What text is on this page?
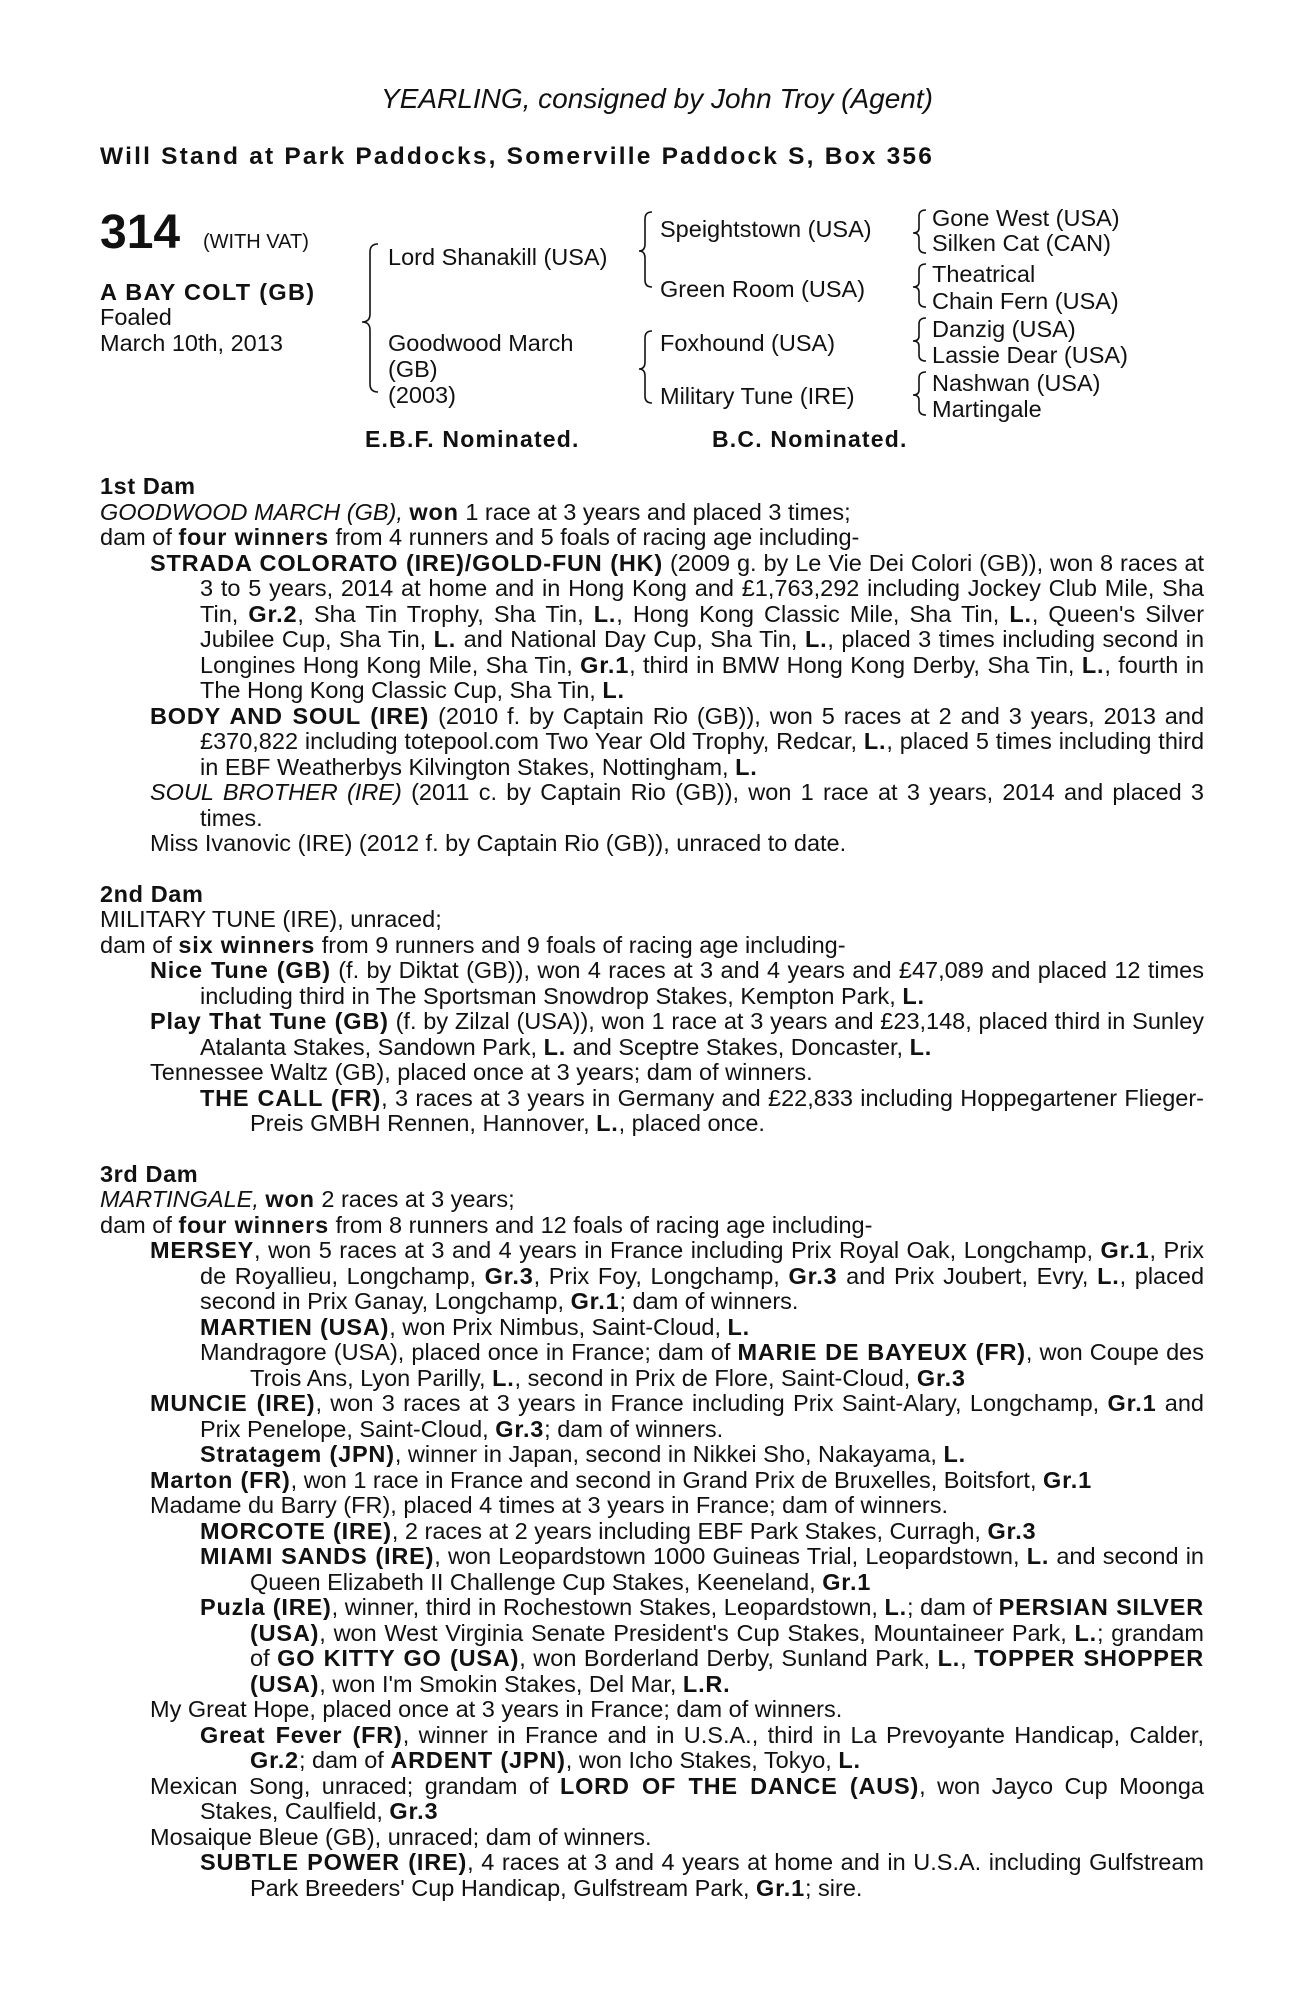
YEARLING, consigned by John Troy (Agent)
Will Stand at Park Paddocks, Somerville Paddock S, Box 356
314 (WITH VAT)
A BAY COLT (GB)
Foaled
March 10th, 2013
Lord Shanakill (USA)
Goodwood March
(GB)
(2003)
Speightstown (USA)
Green Room (USA)
Foxhound (USA)
Military Tune (IRE)
Gone West (USA)
Silken Cat (CAN)
Theatrical
Chain Fern (USA)
Danzig (USA)
Lassie Dear (USA)
Nashwan (USA)
Martingale
E.B.F. Nominated.	B.C. Nominated.

1st Dam

GOODWOOD MARCH (GB), won 1 race at 3 years and placed 3 times;

dam of four winners from 4 runners and 5 foals of racing age including-

STRADA COLORATO (IRE)/GOLD-FUN (HK) (2009 g. by Le Vie Dei Colori (GB)), won 8 races at 3 to 5 years, 2014 at home and in Hong Kong and £1,763,292 including Jockey Club Mile, Sha Tin, Gr.2, Sha Tin Trophy, Sha Tin, L., Hong Kong Classic Mile, Sha Tin, L., Queen's Silver Jubilee Cup, Sha Tin, L. and National Day Cup, Sha Tin, L., placed 3 times including second in Longines Hong Kong Mile, Sha Tin, Gr.1, third in BMW Hong Kong Derby, Sha Tin, L., fourth in The Hong Kong Classic Cup, Sha Tin, L.

BODY AND SOUL (IRE) (2010 f. by Captain Rio (GB)), won 5 races at 2 and 3 years, 2013 and £370,822 including totepool.com Two Year Old Trophy, Redcar, L., placed 5 times including third in EBF Weatherbys Kilvington Stakes, Nottingham, L.

SOUL BROTHER (IRE) (2011 c. by Captain Rio (GB)), won 1 race at 3 years, 2014 and placed 3 times.

Miss Ivanovic (IRE) (2012 f. by Captain Rio (GB)), unraced to date.

2nd Dam

MILITARY TUNE (IRE), unraced;

dam of six winners from 9 runners and 9 foals of racing age including-

Nice Tune (GB) (f. by Diktat (GB)), won 4 races at 3 and 4 years and £47,089 and placed 12 times including third in The Sportsman Snowdrop Stakes, Kempton Park, L.

Play That Tune (GB) (f. by Zilzal (USA)), won 1 race at 3 years and £23,148, placed third in Sunley Atalanta Stakes, Sandown Park, L. and Sceptre Stakes, Doncaster, L.

Tennessee Waltz (GB), placed once at 3 years; dam of winners.

THE CALL (FR), 3 races at 3 years in Germany and £22,833 including Hoppegartener Flieger-Preis GMBH Rennen, Hannover, L., placed once.

3rd Dam

MARTINGALE, won 2 races at 3 years;

dam of four winners from 8 runners and 12 foals of racing age including-

MERSEY, won 5 races at 3 and 4 years in France including Prix Royal Oak, Longchamp, Gr.1, Prix de Royallieu, Longchamp, Gr.3, Prix Foy, Longchamp, Gr.3 and Prix Joubert, Evry, L., placed second in Prix Ganay, Longchamp, Gr.1; dam of winners.

MARTIEN (USA), won Prix Nimbus, Saint-Cloud, L.

Mandragore (USA), placed once in France; dam of MARIE DE BAYEUX (FR), won Coupe des Trois Ans, Lyon Parilly, L., second in Prix de Flore, Saint-Cloud, Gr.3

MUNCIE (IRE), won 3 races at 3 years in France including Prix Saint-Alary, Longchamp, Gr.1 and Prix Penelope, Saint-Cloud, Gr.3; dam of winners.

Stratagem (JPN), winner in Japan, second in Nikkei Sho, Nakayama, L.

Marton (FR), won 1 race in France and second in Grand Prix de Bruxelles, Boitsfort, Gr.1

Madame du Barry (FR), placed 4 times at 3 years in France; dam of winners.

MORCOTE (IRE), 2 races at 2 years including EBF Park Stakes, Curragh, Gr.3

MIAMI SANDS (IRE), won Leopardstown 1000 Guineas Trial, Leopardstown, L. and second in Queen Elizabeth II Challenge Cup Stakes, Keeneland, Gr.1

Puzla (IRE), winner, third in Rochestown Stakes, Leopardstown, L.; dam of PERSIAN SILVER (USA), won West Virginia Senate President's Cup Stakes, Mountaineer Park, L.; grandam of GO KITTY GO (USA), won Borderland Derby, Sunland Park, L., TOPPER SHOPPER (USA), won I'm Smokin Stakes, Del Mar, L.R.

My Great Hope, placed once at 3 years in France; dam of winners.

Great Fever (FR), winner in France and in U.S.A., third in La Prevoyante Handicap, Calder, Gr.2; dam of ARDENT (JPN), won Icho Stakes, Tokyo, L.

Mexican Song, unraced; grandam of LORD OF THE DANCE (AUS), won Jayco Cup Moonga Stakes, Caulfield, Gr.3

Mosaique Bleue (GB), unraced; dam of winners.

SUBTLE POWER (IRE), 4 races at 3 and 4 years at home and in U.S.A. including Gulfstream Park Breeders' Cup Handicap, Gulfstream Park, Gr.1; sire.
